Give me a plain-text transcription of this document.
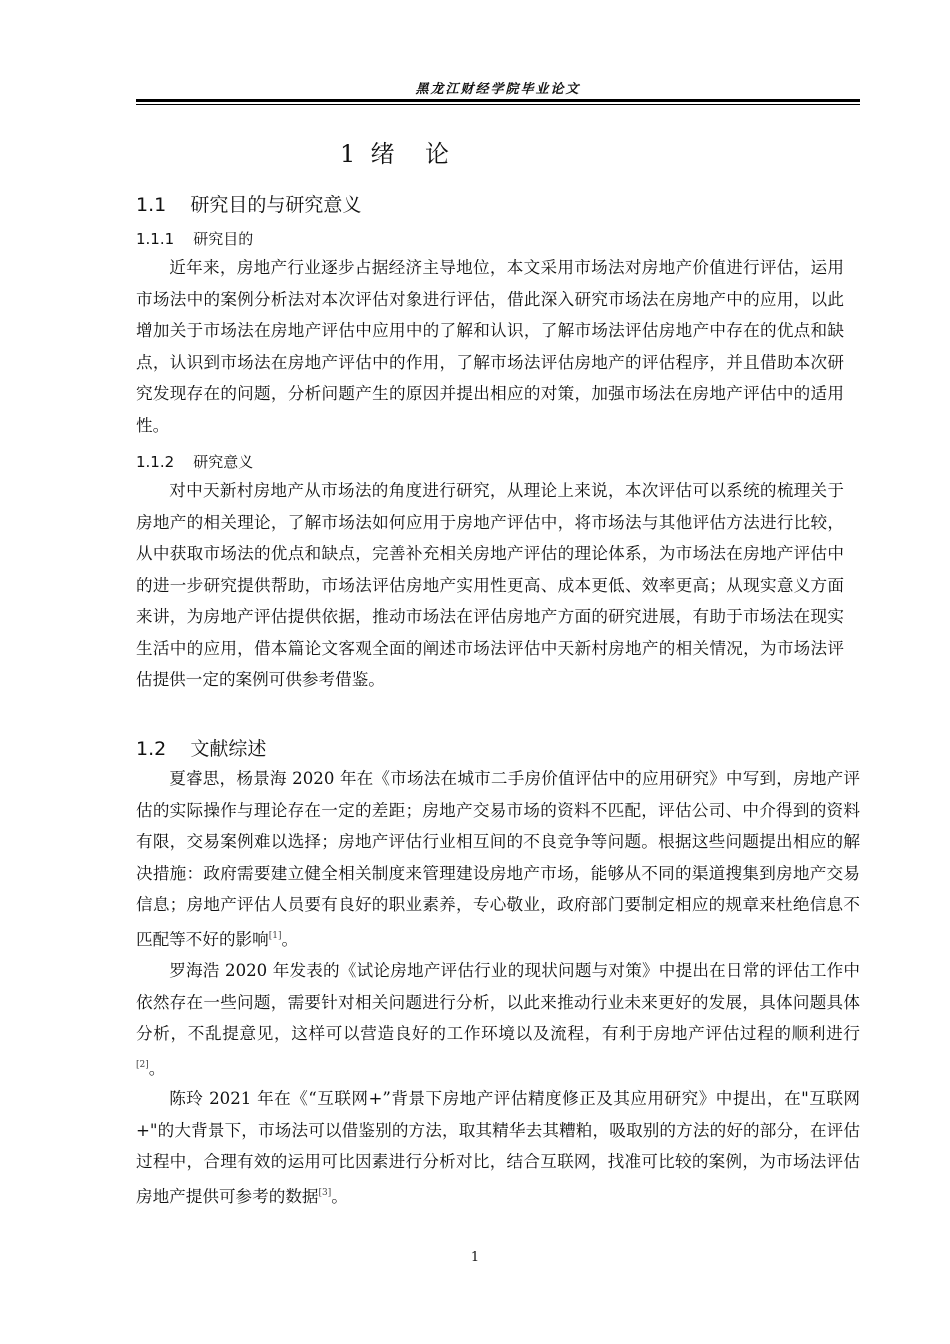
黑龙江财经学院毕业论文
1  绪    论
1.1    研究目的与研究意义
1.1.1    研究目的

近年来，房地产行业逐步占据经济主导地位，本文采用市场法对房地产价值进行评估，运用市场法中的案例分析法对本次评估对象进行评估，借此深入研究市场法在房地产中的应用，以此增加关于市场法在房地产评估中应用中的了解和认识，了解市场法评估房地产中存在的优点和缺点，认识到市场法在房地产评估中的作用，了解市场法评估房地产的评估程序，并且借助本次研究发现存在的问题，分析问题产生的原因并提出相应的对策，加强市场法在房地产评估中的适用性。

1.1.2    研究意义

对中天新村房地产从市场法的角度进行研究，从理论上来说，本次评估可以系统的梳理关于房地产的相关理论，了解市场法如何应用于房地产评估中，将市场法与其他评估方法进行比较，从中获取市场法的优点和缺点，完善补充相关房地产评估的理论体系，为市场法在房地产评估中的进一步研究提供帮助，市场法评估房地产实用性更高、成本更低、效率更高；从现实意义方面来讲，为房地产评估提供依据，推动市场法在评估房地产方面的研究进展，有助于市场法在现实生活中的应用，借本篇论文客观全面的阐述市场法评估中天新村房地产的相关情况，为市场法评估提供一定的案例可供参考借鉴。

1.2    文献综述

夏睿思，杨景海 2020 年在《市场法在城市二手房价值评估中的应用研究》中写到，房地产评估的实际操作与理论存在一定的差距；房地产交易市场的资料不匹配，评估公司、中介得到的资料有限，交易案例难以选择；房地产评估行业相互间的不良竞争等问题。根据这些问题提出相应的解决措施：政府需要建立健全相关制度来管理建设房地产市场，能够从不同的渠道搜集到房地产交易信息；房地产评估人员要有良好的职业素养，专心敬业，政府部门要制定相应的规章来杜绝信息不匹配等不好的影响[1]。

罗海浩 2020 年发表的《试论房地产评估行业的现状问题与对策》中提出在日常的评估工作中依然存在一些问题，需要针对相关问题进行分析，以此来推动行业未来更好的发展，具体问题具体分析，不乱提意见，这样可以营造良好的工作环境以及流程，有利于房地产评估过程的顺利进行[2]。

陈玲 2021 年在《“互联网+”背景下房地产评估精度修正及其应用研究》中提出，在"互联网+"的大背景下，市场法可以借鉴别的方法，取其精华去其糟粕，吸取别的方法的好的部分，在评估过程中，合理有效的运用可比因素进行分析对比，结合互联网，找准可比较的案例，为市场法评估房地产提供可参考的数据[3]。

1
